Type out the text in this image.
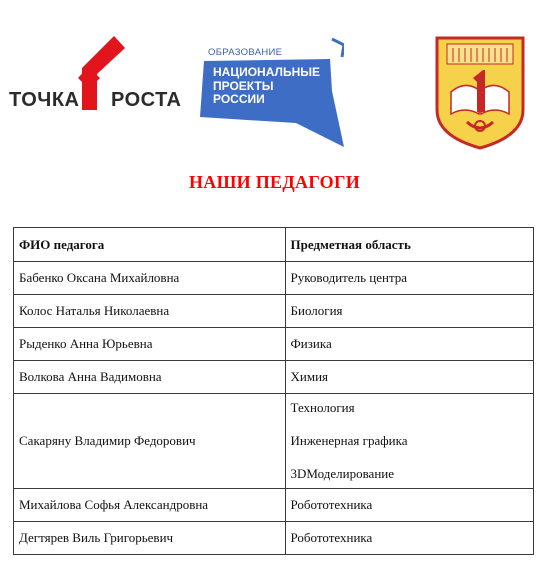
ТОЧКА РОСТА
ОБРАЗОВАНИЕ
НАЦИОНАЛЬНЫЕ
ПРОЕКТЫ
РОССИИ
НАШИ ПЕДАГОГИ
ФИО педагога	Предметная область
Бабенко Оксана Михайловна	Руководитель центра
Колос Наталья Николаевна	Биология
Рыденко Анна Юрьевна	Физика
Волкова Анна Вадимовна	Химия
Сакаряну Владимир Федорович	Технология
Инженерная графика
3DМоделирование

Михайлова Софья Александровна	Робототехника
Дегтярев Виль Григорьевич	Робототехника
